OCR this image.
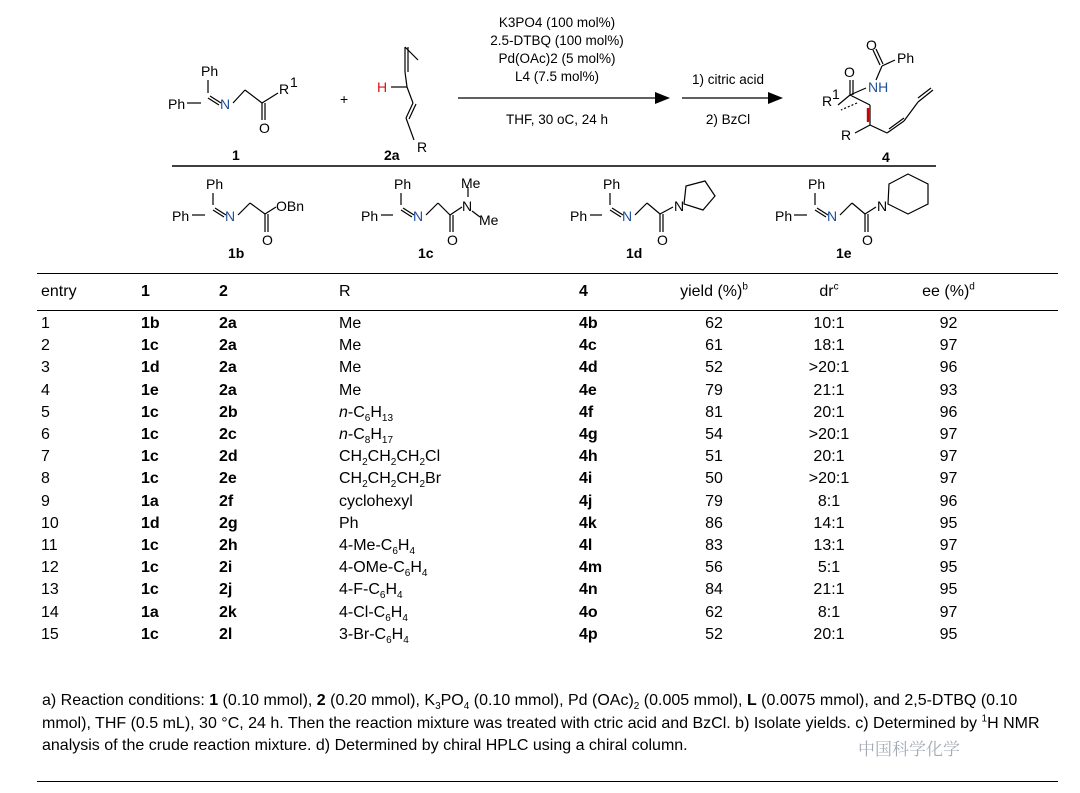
Ph
Ph N
O
R 1
1
+
H
R
2a
K3PO4 (100 mol%)
2.5-DTBQ (100 mol%)
Pd(OAc)2 (5 mol%)
L4 (7.5 mol%)
THF, 30 oC, 24 h
1) citric acid
2) BzCl
O
Ph
NH
O
R 1
R
4
Ph
Ph	N
O
OBn
1b
Ph
Ph N
O
N
Me
Me
1c
Ph
Ph N
O
N
1d
Ph
Ph N
O
N
1e
entry	1	2	R	4	yield (%)$^b$	$dr^c$	ee (%)$^d$
1	1b	2a	Me	4b	62	10:1	92
2	1c	2a	Me	4c	61	18:1	97
3	1d	2a	Me	4d	52	>20:1	96
4	1e	2a	Me	4e	79	21:1	93
5	1c	2b	$n-C_6H_{13}$	4f	81	20:1	96
6	1c	2c	$n-C_8H_{17}$	4g	54	>20:1	97
7	1c	2d	$CH_2CH_2CH_2Cl$	4h	51	20:1	97
8	1c	2e	$CH_2CH_2CH_2Br$	4i	50	>20:1	97
9	1a	2f	cyclohexyl	4j	79	8:1	96
10	1d	2g	Ph	4k	86	14:1	95
11	1c	2h	$4-Me-C_6H_4$	4l	83	13:1	97
12	1c	2i	$4-OMe-C_6H_4$	4m	56	5:1	95
13	1c	2j	$4-F-C_6H_4$	4n	84	21:1	95
14	1a	2k	$4-Cl-C_6H_4$	4o	62	8:1	97
15	1c	2l	$3-Br-C_6H_4$	4p	52	20:1	95
a) Reaction conditions: 1 (0.10 mmol), 2 (0.20 mmol), $K_3PO_4$ (0.10 mmol), Pd $(OAc)_2$ (0.005 mmol), L (0.0075 mmol), and 2,5-DTBQ (0.10 mmol), THF (0.5 mL), 30 °C, 24 h. Then the reaction mixture was treated with ctric acid and BzCl. b) Isolate yields. c) Determined by $^1$H NMR analysis of the crude reaction mixture. d) Determined by chiral HPLC using a chiral column.	中国科学化学
